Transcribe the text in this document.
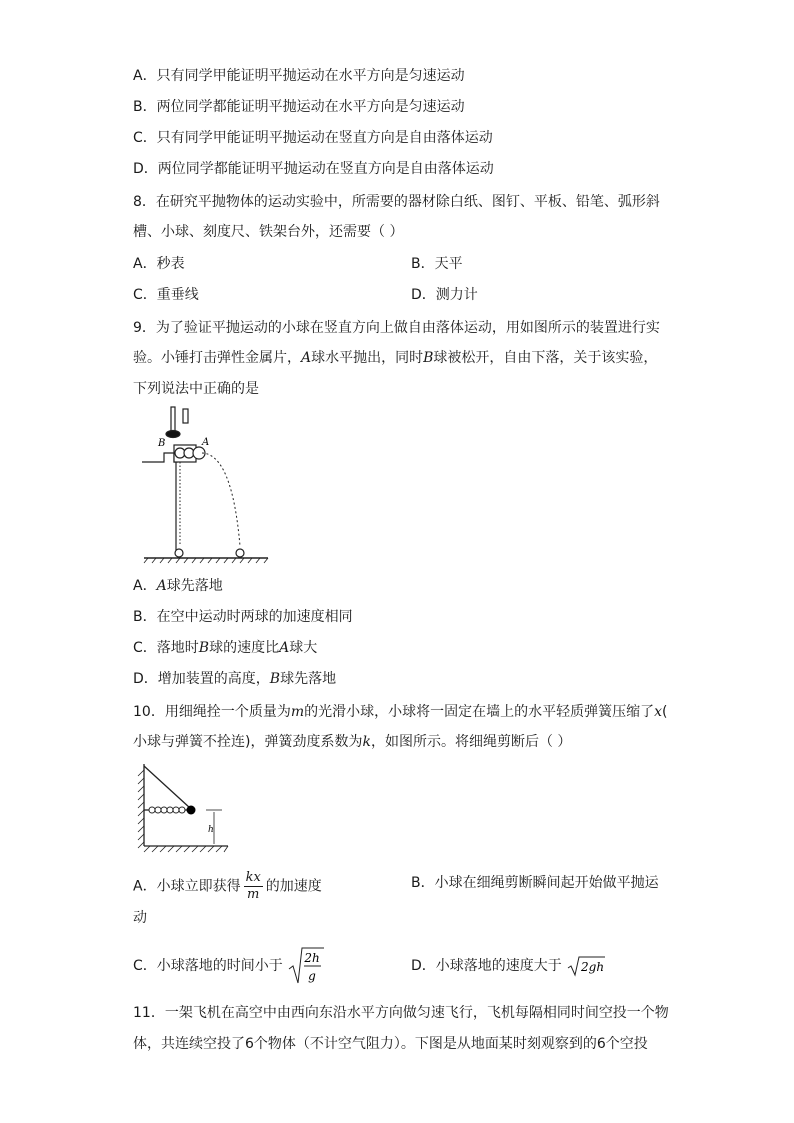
A．只有同学甲能证明平抛运动在水平方向是匀速运动
B．两位同学都能证明平抛运动在水平方向是匀速运动
C．只有同学甲能证明平抛运动在竖直方向是自由落体运动
D．两位同学都能证明平抛运动在竖直方向是自由落体运动
8．在研究平抛物体的运动实验中，所需要的器材除白纸、图钉、平板、铅笔、弧形斜
槽、小球、刻度尺、铁架台外，还需要（ ）
A．秒表	B．天平
C．重垂线	D．测力计
9．为了验证平抛运动的小球在竖直方向上做自由落体运动，用如图所示的装置进行实
验。小锤打击弹性金属片，A球水平抛出，同时B球被松开，自由下落，关于该实验，
下列说法中正确的是
B	A
A．A球先落地
B．在空中运动时两球的加速度相同
C．落地时B球的速度比A球大
D．增加装置的高度，B球先落地
10．用细绳拴一个质量为m的光滑小球，小球将一固定在墙上的水平轻质弹簧压缩了x(
小球与弹簧不拴连)，弹簧劲度系数为k，如图所示。将细绳剪断后（ ）
h
A．小球立即获得 $\frac{kx}{m}$ 的加速度	B．小球在细绳剪断瞬间起开始做平抛运
动
C．小球落地的时间小于 2h
g
D．小球落地的速度大于 2gh
11．一架飞机在高空中由西向东沿水平方向做匀速飞行，飞机每隔相同时间空投一个物
体，共连续空投了6个物体（不计空气阻力）。下图是从地面某时刻观察到的6个空投
